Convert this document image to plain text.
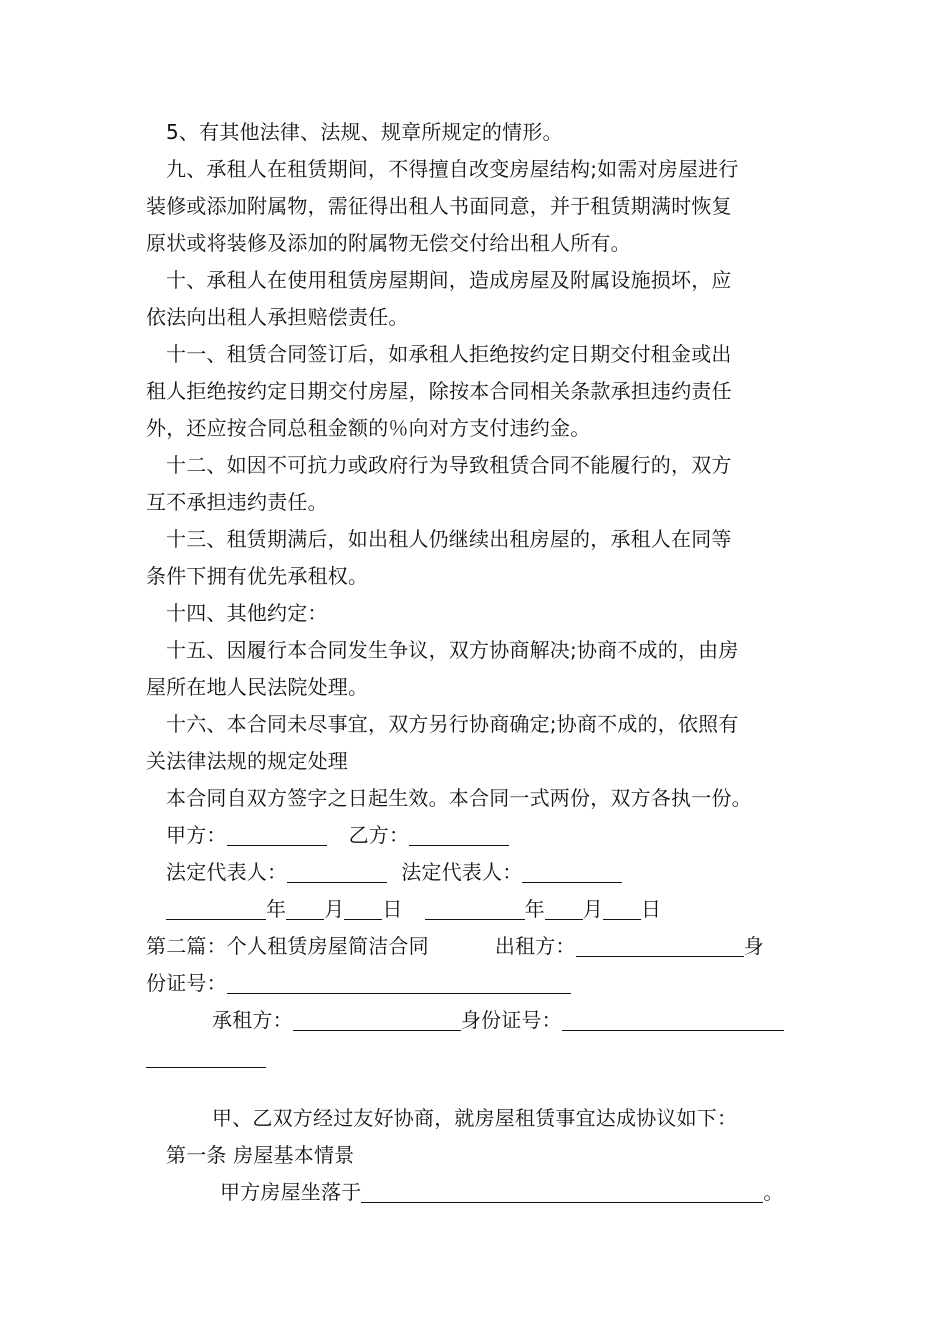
5、有其他法律、法规、规章所规定的情形。
九、承租人在租赁期间，不得擅自改变房屋结构;如需对房屋进行
装修或添加附属物，需征得出租人书面同意，并于租赁期满时恢复
原状或将装修及添加的附属物无偿交付给出租人所有。
十、承租人在使用租赁房屋期间，造成房屋及附属设施损坏，应
依法向出租人承担赔偿责任。
十一、租赁合同签订后，如承租人拒绝按约定日期交付租金或出
租人拒绝按约定日期交付房屋，除按本合同相关条款承担违约责任
外，还应按合同总租金额的％向对方支付违约金。
十二、如因不可抗力或政府行为导致租赁合同不能履行的，双方
互不承担违约责任。
十三、租赁期满后，如出租人仍继续出租房屋的，承租人在同等
条件下拥有优先承租权。
十四、其他约定：
十五、因履行本合同发生争议，双方协商解决;协商不成的，由房
屋所在地人民法院处理。
十六、本合同未尽事宜，双方另行协商确定;协商不成的，依照有
关法律法规的规定处理
本合同自双方签字之日起生效。本合同一式两份，双方各执一份。
甲方：	乙方：
法定代表人：	法定代表人：
年 月 日	年 月 日
第二篇：个人租赁房屋简洁合同	出租方：	身
份证号：
承租方：	身份证号：
甲、乙双方经过友好协商，就房屋租赁事宜达成协议如下：
第一条 房屋基本情景
甲方房屋坐落于	。
